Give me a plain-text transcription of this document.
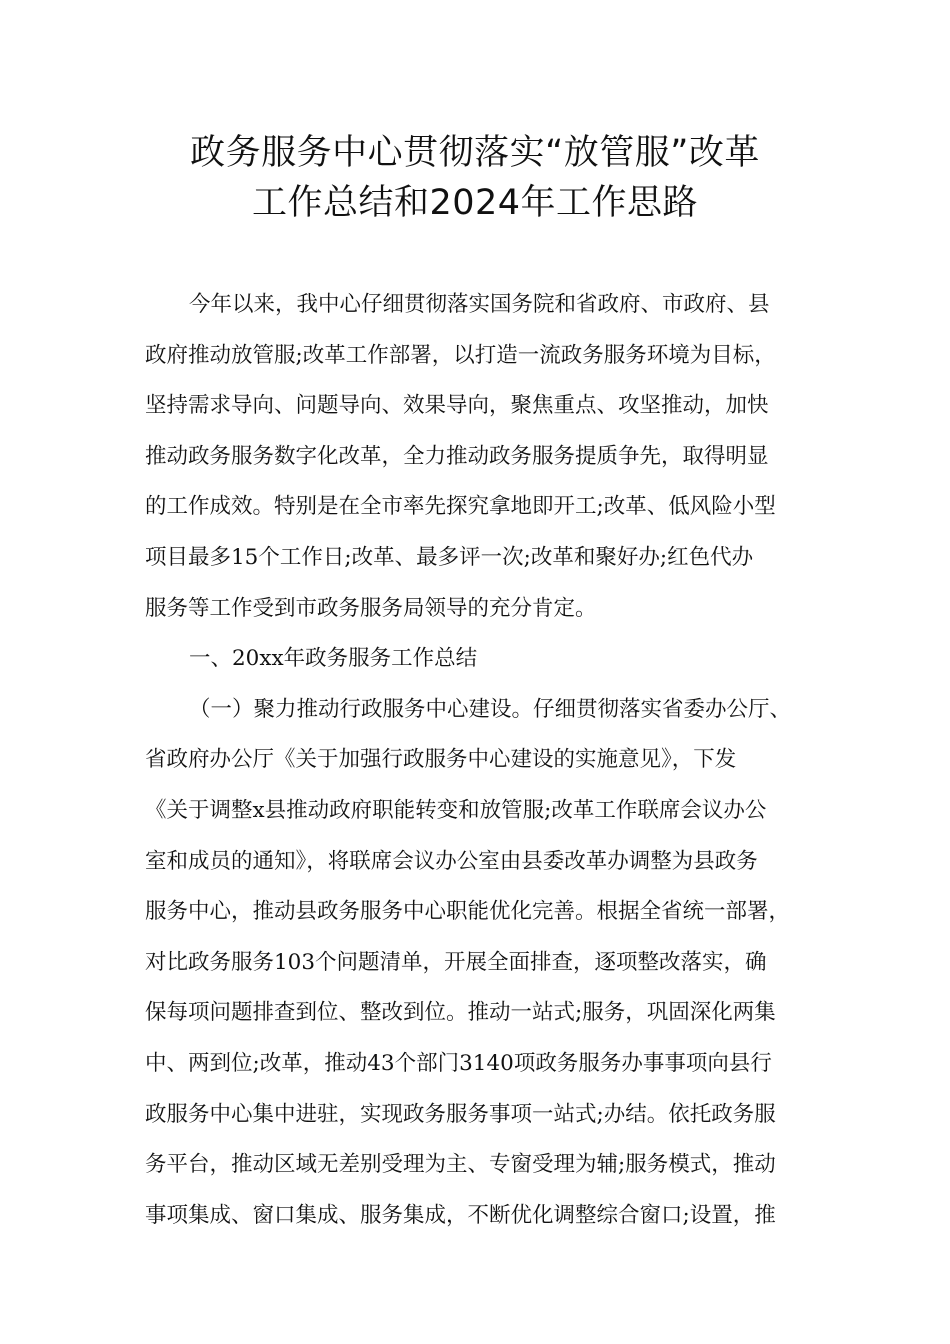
政务服务中心贯彻落实“放管服”改革
工作总结和2024年工作思路
今年以来，我中心仔细贯彻落实国务院和省政府、市政府、县
政府推动放管服;改革工作部署，以打造一流政务服务环境为目标，
坚持需求导向、问题导向、效果导向，聚焦重点、攻坚推动，加快
推动政务服务数字化改革，全力推动政务服务提质争先，取得明显
的工作成效。特别是在全市率先探究拿地即开工;改革、低风险小型
项目最多15个工作日;改革、最多评一次;改革和聚好办;红色代办
服务等工作受到市政务服务局领导的充分肯定。
一、20xx年政务服务工作总结
（一）聚力推动行政服务中心建设。仔细贯彻落实省委办公厅、
省政府办公厅《关于加强行政服务中心建设的实施意见》，下发
《关于调整x县推动政府职能转变和放管服;改革工作联席会议办公
室和成员的通知》，将联席会议办公室由县委改革办调整为县政务
服务中心，推动县政务服务中心职能优化完善。根据全省统一部署，
对比政务服务103个问题清单，开展全面排查，逐项整改落实，确
保每项问题排查到位、整改到位。推动一站式;服务，巩固深化两集
中、两到位;改革，推动43个部门3140项政务服务办事事项向县行
政服务中心集中进驻，实现政务服务事项一站式;办结。依托政务服
务平台，推动区域无差别受理为主、专窗受理为辅;服务模式，推动
事项集成、窗口集成、服务集成，不断优化调整综合窗口;设置，推
